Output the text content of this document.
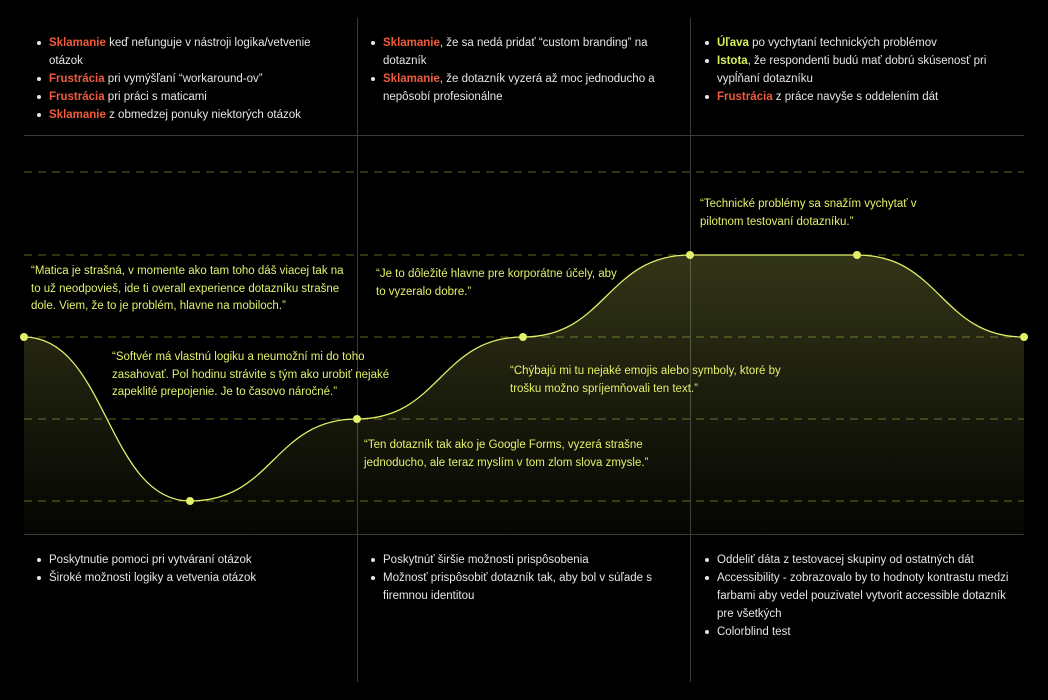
Sklamanie keď nefunguje v nástroji logika/vetvenie otázok
Frustrácia pri vymýšľaní “workaround-ov”
Frustrácia pri práci s maticami
Sklamanie z obmedzej ponuky niektorých otázok
Sklamanie, že sa nedá pridať “custom branding” na dotazník
Sklamanie, že dotazník vyzerá až moc jednoducho a nepôsobí profesionálne
Úľava po vychytaní technických problémov
Istota, že respondenti budú mať dobrú skúsenosť pri vypĺňaní dotazníku
Frustrácia z práce navyše s oddelením dát
“Matica je strašná, v momente ako tam toho dáš viacej tak na to už neodpovieš, ide ti overall experience dotazníku strašne dole. Viem, že to je problém, hlavne na mobiloch.”
“Softvér má vlastnú logiku a neumožní mi do toho zasahovať. Pol hodinu strávite s tým ako urobiť nejaké zapeklité prepojenie. Je to časovo náročné.”
“Je to dôležité hlavne pre korporátne účely, aby to vyzeralo dobre.”
“Ten dotazník tak ako je Google Forms, vyzerá strašne jednoducho, ale teraz myslím v tom zlom slova zmysle.”
“Chýbajú mi tu nejaké emojis alebo symboly, ktoré by trošku možno spríjemňovali ten text.”
“Technické problémy sa snažím vychytať v pilotnom testovaní dotazníku.”
Poskytnutie pomoci pri vytváraní otázok
Široké možnosti logiky a vetvenia otázok
Poskytnúť širšie možnosti prispôsobenia
Možnosť prispôsobiť dotazník tak, aby bol v súľade s firemnou identitou
Oddeliť dáta z testovacej skupiny od ostatných dát
Accessibility - zobrazovalo by to hodnoty kontrastu medzi farbami aby vedel pouzivatel vytvorit accessible dotazník pre všetkých
Colorblind test
